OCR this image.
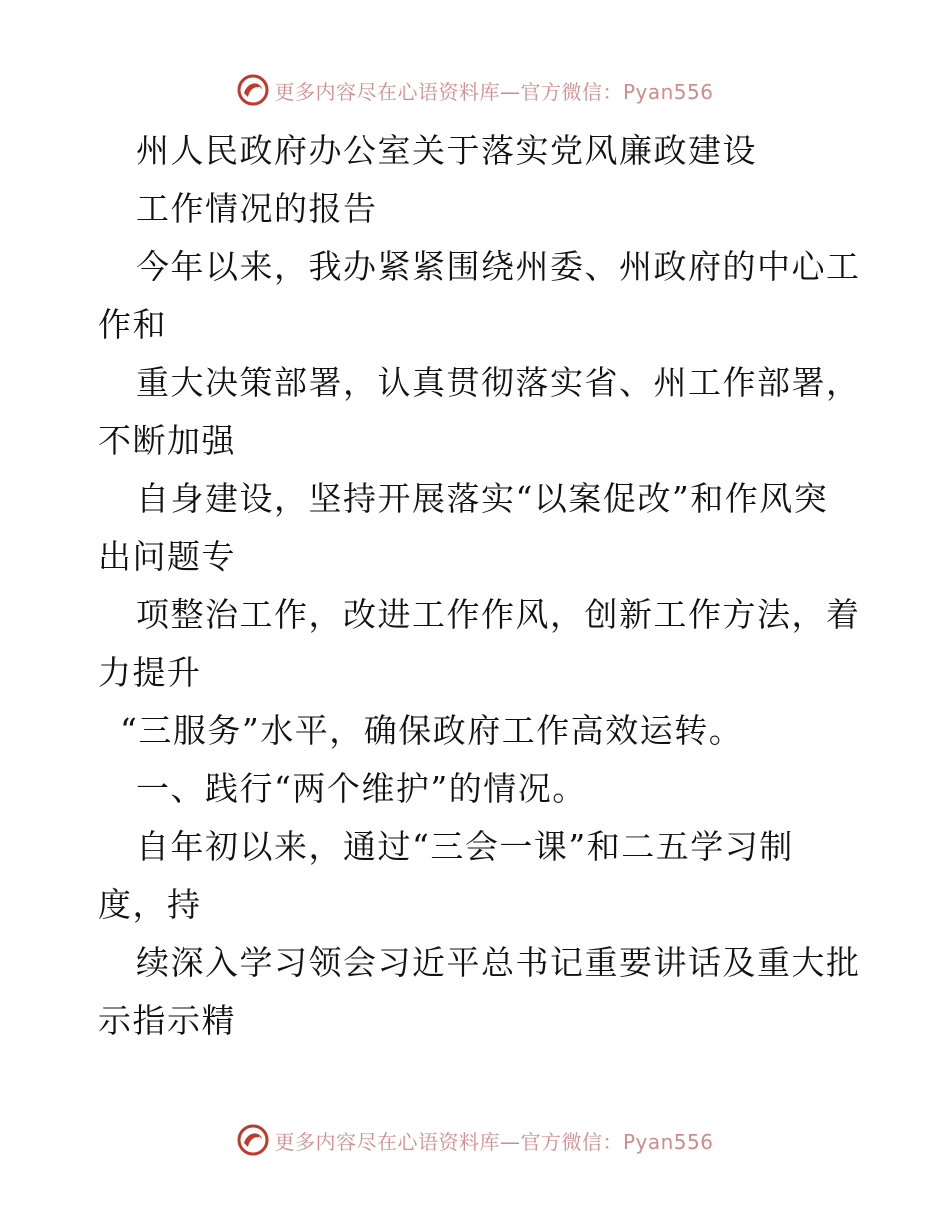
更多内容尽在心语资料库—官方微信：Pyan556
州人民政府办公室关于落实党风廉政建设
工作情况的报告
今年以来，我办紧紧围绕州委、州政府的中心工
作和
重大决策部署，认真贯彻落实省、州工作部署，
不断加强
自身建设，坚持开展落实“以案促改”和作风突
出问题专
项整治工作，改进工作作风，创新工作方法，着
力提升
“三服务”水平，确保政府工作高效运转。
一、践行“两个维护”的情况。
自年初以来，通过“三会一课”和二五学习制
度，持
续深入学习领会习近平总书记重要讲话及重大批
示指示精
更多内容尽在心语资料库—官方微信：Pyan556
